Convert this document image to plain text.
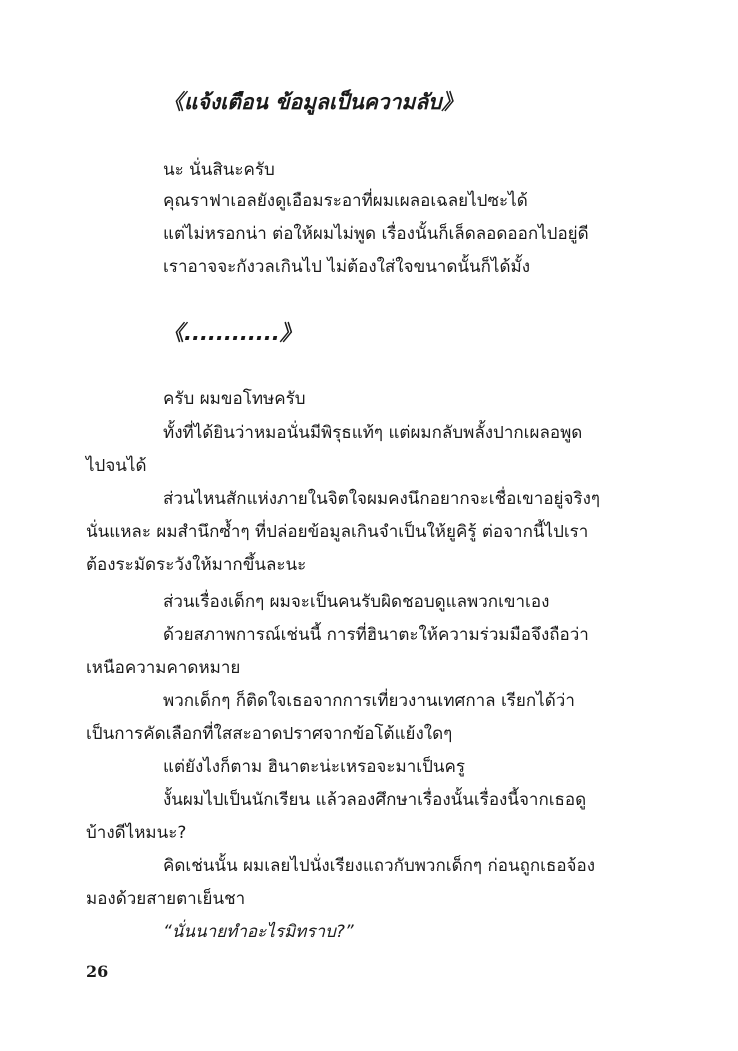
《แจ้งเตือน ข้อมูลเป็นความลับ》
นะ นั่นสินะครับ
คุณราฟาเอลยังดูเอือมระอาที่ผมเผลอเฉลยไปซะได้
แต่ไม่หรอกน่า ต่อให้ผมไม่พูด เรื่องนั้นก็เล็ดลอดออกไปอยู่ดี
เราอาจจะกังวลเกินไป ไม่ต้องใส่ใจขนาดนั้นก็ได้มั้ง
《............》
ครับ ผมขอโทษครับ
ทั้งที่ได้ยินว่าหมอนั่นมีพิรุธแท้ๆ แต่ผมกลับพลั้งปากเผลอพูด
ไปจนได้
ส่วนไหนสักแห่งภายในจิตใจผมคงนึกอยากจะเชื่อเขาอยู่จริงๆ
นั่นแหละ ผมสำนึกซ้ำๆ ที่ปล่อยข้อมูลเกินจำเป็นให้ยูคิรู้ ต่อจากนี้ไปเรา
ต้องระมัดระวังให้มากขึ้นละนะ
ส่วนเรื่องเด็กๆ ผมจะเป็นคนรับผิดชอบดูแลพวกเขาเอง
ด้วยสภาพการณ์เช่นนี้ การที่ฮินาตะให้ความร่วมมือจึงถือว่า
เหนือความคาดหมาย
พวกเด็กๆ ก็ติดใจเธอจากการเที่ยวงานเทศกาล เรียกได้ว่า
เป็นการคัดเลือกที่ใสสะอาดปราศจากข้อโต้แย้งใดๆ
แต่ยังไงก็ตาม ฮินาตะน่ะเหรอจะมาเป็นครู
งั้นผมไปเป็นนักเรียน แล้วลองศึกษาเรื่องนั้นเรื่องนี้จากเธอดู
บ้างดีไหมนะ?
คิดเช่นนั้น ผมเลยไปนั่งเรียงแถวกับพวกเด็กๆ ก่อนถูกเธอจ้อง
มองด้วยสายตาเย็นชา
“นั่นนายทำอะไรมิทราบ?”
26
